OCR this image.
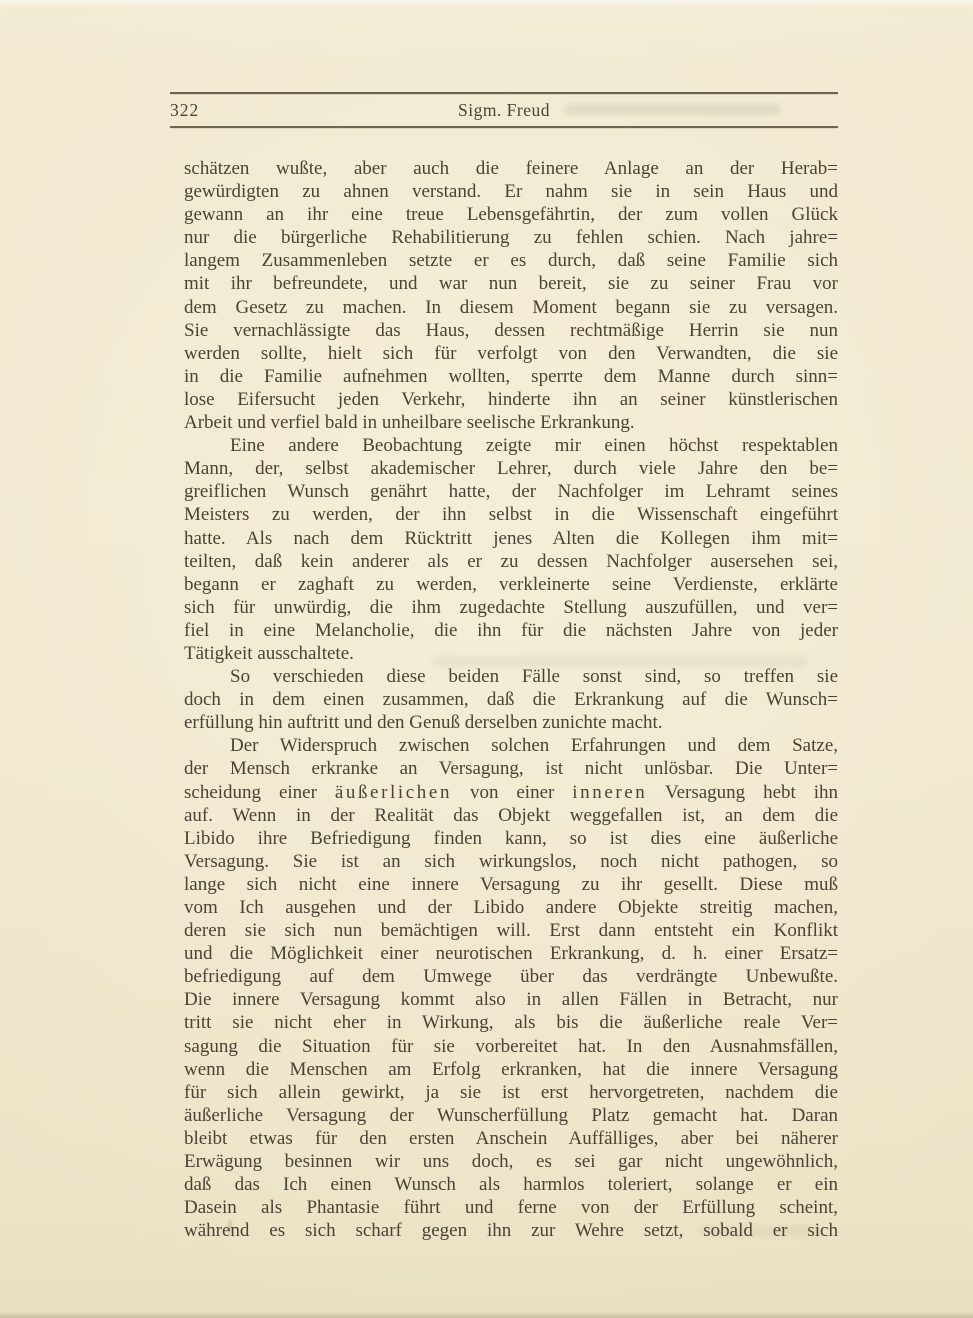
322	Sigm. Freud
schätzen wußte, aber auch die feinere Anlage an der Herab=
gewürdigten zu ahnen verstand. Er nahm sie in sein Haus und
gewann an ihr eine treue Lebensgefährtin, der zum vollen Glück
nur die bürgerliche Rehabilitierung zu fehlen schien. Nach jahre=
langem Zusammenleben setzte er es durch, daß seine Familie sich
mit ihr befreundete, und war nun bereit, sie zu seiner Frau vor
dem Gesetz zu machen. In diesem Moment begann sie zu versagen.
Sie vernachlässigte das Haus, dessen rechtmäßige Herrin sie nun
werden sollte, hielt sich für verfolgt von den Verwandten, die sie
in die Familie aufnehmen wollten, sperrte dem Manne durch sinn=
lose Eifersucht jeden Verkehr, hinderte ihn an seiner künstlerischen
Arbeit und verfiel bald in unheilbare seelische Erkrankung.
Eine andere Beobachtung zeigte mir einen höchst respektablen
Mann, der, selbst akademischer Lehrer, durch viele Jahre den be=
greiflichen Wunsch genährt hatte, der Nachfolger im Lehramt seines
Meisters zu werden, der ihn selbst in die Wissenschaft eingeführt
hatte. Als nach dem Rücktritt jenes Alten die Kollegen ihm mit=
teilten, daß kein anderer als er zu dessen Nachfolger ausersehen sei,
begann er zaghaft zu werden, verkleinerte seine Verdienste, erklärte
sich für unwürdig, die ihm zugedachte Stellung auszufüllen, und ver=
fiel in eine Melancholie, die ihn für die nächsten Jahre von jeder
Tätigkeit ausschaltete.
So verschieden diese beiden Fälle sonst sind, so treffen sie
doch in dem einen zusammen, daß die Erkrankung auf die Wunsch=
erfüllung hin auftritt und den Genuß derselben zunichte macht.
Der Widerspruch zwischen solchen Erfahrungen und dem Satze,
der Mensch erkranke an Versagung, ist nicht unlösbar. Die Unter=
scheidung einer äußerlichen von einer inneren Versagung hebt ihn
auf. Wenn in der Realität das Objekt weggefallen ist, an dem die
Libido ihre Befriedigung finden kann, so ist dies eine äußerliche
Versagung. Sie ist an sich wirkungslos, noch nicht pathogen, so
lange sich nicht eine innere Versagung zu ihr gesellt. Diese muß
vom Ich ausgehen und der Libido andere Objekte streitig machen,
deren sie sich nun bemächtigen will. Erst dann entsteht ein Konflikt
und die Möglichkeit einer neurotischen Erkrankung, d. h. einer Ersatz=
befriedigung auf dem Umwege über das verdrängte Unbewußte.
Die innere Versagung kommt also in allen Fällen in Betracht, nur
tritt sie nicht eher in Wirkung, als bis die äußerliche reale Ver=
sagung die Situation für sie vorbereitet hat. In den Ausnahmsfällen,
wenn die Menschen am Erfolg erkranken, hat die innere Versagung
für sich allein gewirkt, ja sie ist erst hervorgetreten, nachdem die
äußerliche Versagung der Wunscherfüllung Platz gemacht hat. Daran
bleibt etwas für den ersten Anschein Auffälliges, aber bei näherer
Erwägung besinnen wir uns doch, es sei gar nicht ungewöhnlich,
daß das Ich einen Wunsch als harmlos toleriert, solange er ein
Dasein als Phantasie führt und ferne von der Erfüllung scheint,
während es sich scharf gegen ihn zur Wehre setzt, sobald er sich
